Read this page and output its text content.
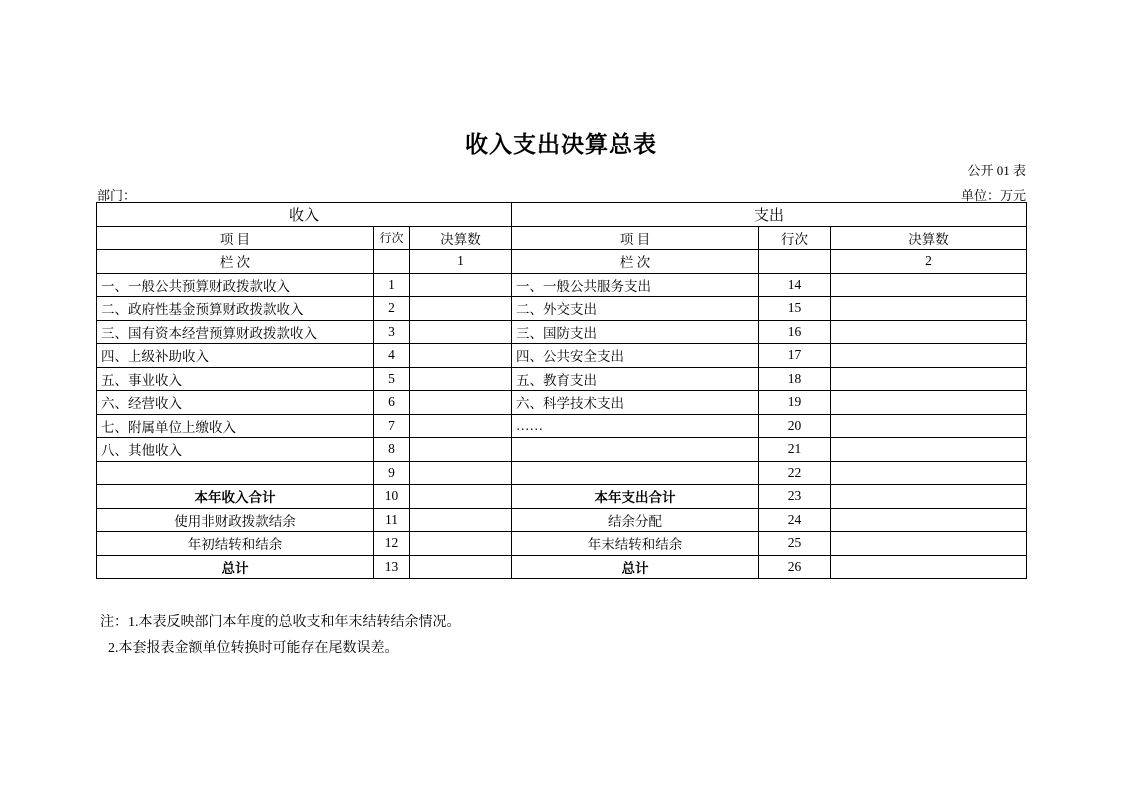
收入支出决算总表
公开 01 表
部门：	单位：万元
收入			支出		
项 目	行次	决算数	项 目	行次	决算数
栏 次		1	栏 次		2
一、一般公共预算财政拨款收入	1		一、一般公共服务支出	14	
二、政府性基金预算财政拨款收入	2		二、外交支出	15	
三、国有资本经营预算财政拨款收入	3		三、国防支出	16	
四、上级补助收入	4		四、公共安全支出	17	
五、事业收入	5		五、教育支出	18	
六、经营收入	6		六、科学技术支出	19	
七、附属单位上缴收入	7		……	20	
八、其他收入	8			21	
	9			22	
本年收入合计	10		本年支出合计	23	
使用非财政拨款结余	11		结余分配	24	
年初结转和结余	12		年末结转和结余	25	
总计	13		总计	26	
注：1.本表反映部门本年度的总收支和年末结转结余情况。
2.本套报表金额单位转换时可能存在尾数误差。
